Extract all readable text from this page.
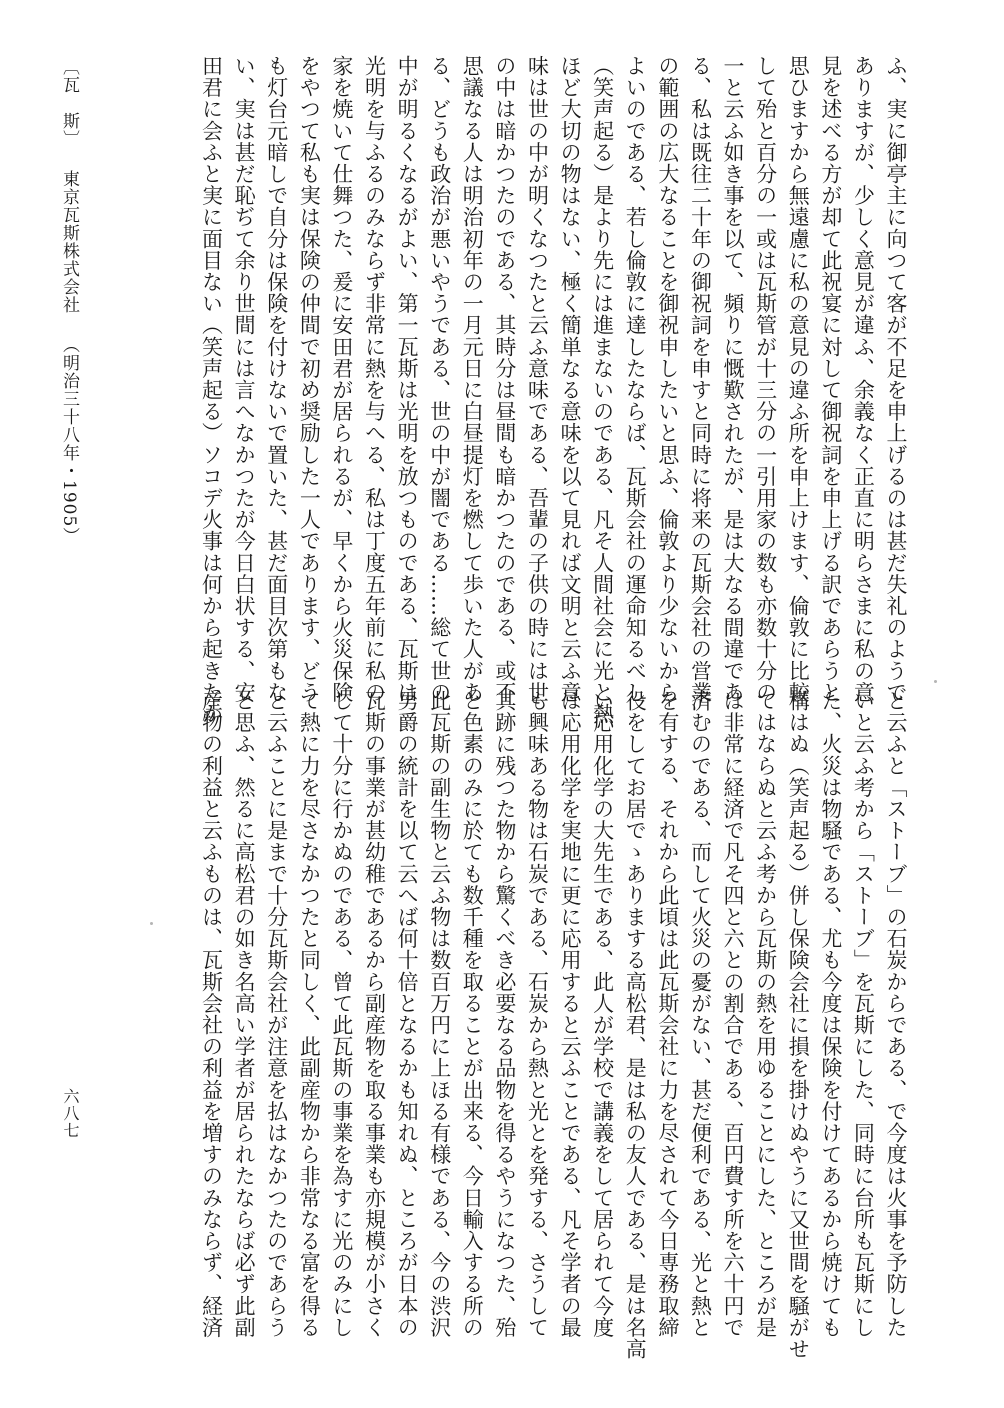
ふ、実に御亭主に向つて客が不足を申上げるのは甚だ失礼のようで
ありますが、少しく意見が違ふ、余義なく正直に明らさまに私の意
見を述べる方が却て此祝宴に対して御祝詞を申上げる訳であらうと
思ひますから無遠慮に私の意見の違ふ所を申上けます、倫敦に比較
して殆と百分の一或は瓦斯管が十三分の一引用家の数も亦数十分の
一と云ふ如き事を以て、頻りに慨歎されたが、是は大なる間違であ
る、私は既往二十年の御祝詞を申すと同時に将来の瓦斯会社の営業
の範囲の広大なることを御祝申したいと思ふ、倫敦より少ないから
よいのである、若し倫敦に達したならば、瓦斯会社の運命知るべし
（笑声起る）是より先には進まないのである、凡そ人間社会に光と熱
ほど大切の物はない、極く簡単なる意味を以て見れば文明と云ふ意
味は世の中が明くなつたと云ふ意味である、吾輩の子供の時には世
の中は暗かつたのである、其時分は昼間も暗かつたのである、或不
思議なる人は明治初年の一月元日に白昼提灯を燃して歩いた人があ
る、どうも政治が悪いやうである、世の中が闇である……総て世の
中が明るくなるがよい、第一瓦斯は光明を放つものである、瓦斯は
光明を与ふるのみならず非常に熱を与へる、私は丁度五年前に私の
家を焼いて仕舞つた、爰に安田君が居られるが、早くから火災保険
をやつて私も実は保険の仲間で初め奨励した一人であります、どう
も灯台元暗しで自分は保険を付けないで置いた、甚だ面目次第もな
い、実は甚だ恥ぢて余り世間には言へなかつたが今日白状する、安
田君に会ふと実に面目ない（笑声起る）ソコデ火事は何から起きたか
と云ふと「ストーブ」の石炭からである、で今度は火事を予防した
いと云ふ考から「ストーブ」を瓦斯にした、同時に台所も瓦斯にし
た、火災は物騒である、尤も今度は保険を付けてあるから焼けても
構はぬ（笑声起る）併し保険会社に損を掛けぬやうに又世間を騒がせ
てはならぬと云ふ考から瓦斯の熱を用ゆることにした、ところが是
は非常に経済で凡そ四と六との割合である、百円費す所を六十円で
済むのである、而して火災の憂がない、甚だ便利である、光と熱と
を有する、それから此頃は此瓦斯会社に力を尽されて今日専務取締
役をしてお居でゝありまする高松君、是は私の友人である、是は名高
い応用化学の大先生である、此人が学校で講義をして居られて今度
は応用化学を実地に更に応用すると云ふことである、凡そ学者の最
も興味ある物は石炭である、石炭から熱と光とを発する、さうして
其跡に残つた物から驚くべき必要なる品物を得るやうになつた、殆
と色素のみに於ても数千種を取ることが出来る、今日輸入する所の
此瓦斯の副生物と云ふ物は数百万円に上ほる有様である、今の渋沢
男爵の統計を以て云へば何十倍となるかも知れぬ、ところが日本の
瓦斯の事業が甚幼稚であるから副産物を取る事業も亦規模が小さく
して十分に行かぬのである、曾て此瓦斯の事業を為すに光のみにし
て熱に力を尽さなかつたと同しく、此副産物から非常なる富を得る
と云ふことに是まで十分瓦斯会社が注意を払はなかつたのであらう
と思ふ、然るに高松君の如き名高い学者が居られたならば必ず此副
産物の利益と云ふものは、瓦斯会社の利益を増すのみならず、経済
〔瓦　斯〕東京瓦斯株式会社（明治三十八年・1905）
六八七
